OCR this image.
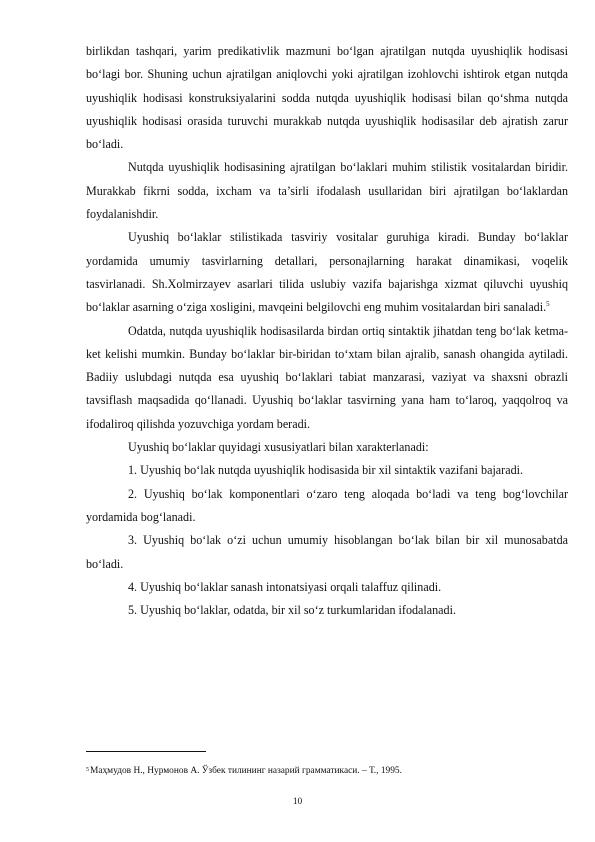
birlikdan tashqari, yarim predikativlik mazmuni bo‘lgan ajratilgan nutqda uyushiqlik hodisasi bo‘lagi bor. Shuning uchun ajratilgan aniqlovchi yoki ajratilgan izohlovchi ishtirok etgan nutqda uyushiqlik hodisasi konstruksiyalarini sodda nutqda uyushiqlik hodisasi bilan qo‘shma nutqda uyushiqlik hodisasi orasida turuvchi murakkab nutqda uyushiqlik hodisasilar deb ajratish zarur bo‘ladi.

Nutqda uyushiqlik hodisasining ajratilgan bo‘laklari muhim stilistik vositalardan biridir. Murakkab fikrni sodda, ixcham va ta’sirli ifodalash usullaridan biri ajratilgan bo‘laklardan foydalanishdir.

Uyushiq bo‘laklar stilistikada tasviriy vositalar guruhiga kiradi. Bunday bo‘laklar yordamida umumiy tasvirlarning detallari, personajlarning harakat dinamikasi, voqelik tasvirlanadi. Sh.Xolmirzayev asarlari tilida uslubiy vazifa bajarishga xizmat qiluvchi uyushiq bo‘laklar asarning o‘ziga xosligini, mavqeini belgilovchi eng muhim vositalardan biri sanaladi.$^5$

Odatda, nutqda uyushiqlik hodisasilarda birdan ortiq sintaktik jihatdan teng bo‘lak ketma-ket kelishi mumkin. Bunday bo‘laklar bir-biridan to‘xtam bilan ajralib, sanash ohangida aytiladi. Badiiy uslubdagi nutqda esa uyushiq bo‘laklari tabiat manzarasi, vaziyat va shaxsni obrazli tavsiflash maqsadida qo‘llanadi. Uyushiq bo‘laklar tasvirning yana ham to‘laroq, yaqqolroq va ifodaliroq qilishda yozuvchiga yordam beradi.

Uyushiq bo‘laklar quyidagi xususiyatlari bilan xarakterlanadi:

1. Uyushiq bo‘lak nutqda uyushiqlik hodisasida bir xil sintaktik vazifani bajaradi.

2. Uyushiq bo‘lak komponentlari o‘zaro teng aloqada bo‘ladi va teng bog‘lovchilar yordamida bog‘lanadi.

3. Uyushiq bo‘lak o‘zi uchun umumiy hisoblangan bo‘lak bilan bir xil munosabatda bo‘ladi.

4. Uyushiq bo‘laklar sanash intonatsiyasi orqali talaffuz qilinadi.

5. Uyushiq bo‘laklar, odatda, bir xil so‘z turkumlaridan ifodalanadi.

$^5$Маҳмудов Н., Нурмонов А. Ўзбек тилининг назарий грамматикаси. – Т., 1995.
10
